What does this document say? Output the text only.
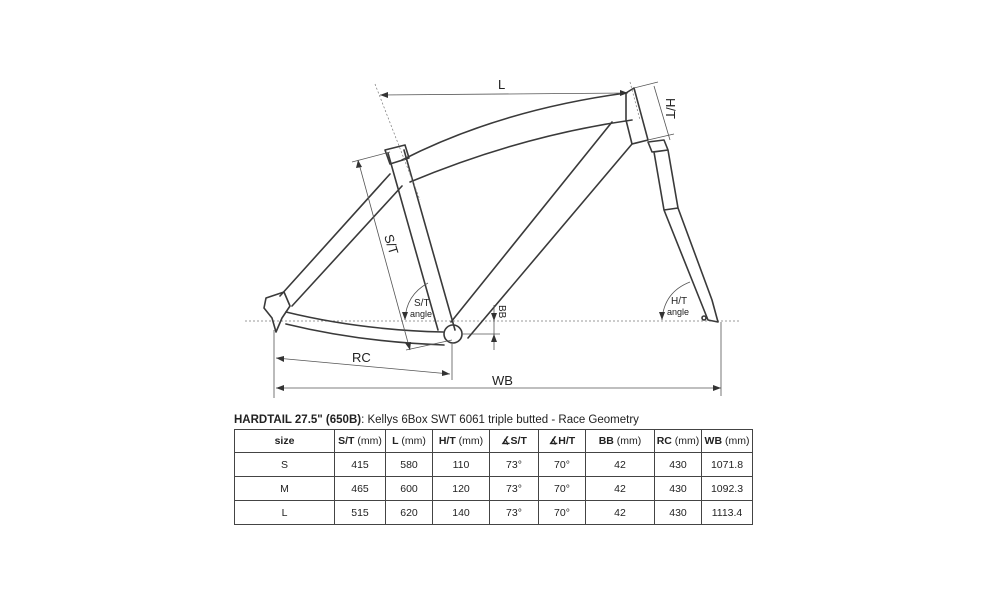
L
H/T
S/T
S/T
angle	BB
H/T
angle
RC
WB
HARDTAIL 27.5" (650B): Kellys 6Box SWT 6061 triple butted - Race Geometry
size	S/T (mm)	L (mm)	H/T (mm)	∡S/T	∡H/T	BB (mm)	RC (mm)	WB (mm)
S	415	580	110	73°	70°	42	430	1071.8
M	465	600	120	73°	70°	42	430	1092.3
L	515	620	140	73°	70°	42	430	1113.4
